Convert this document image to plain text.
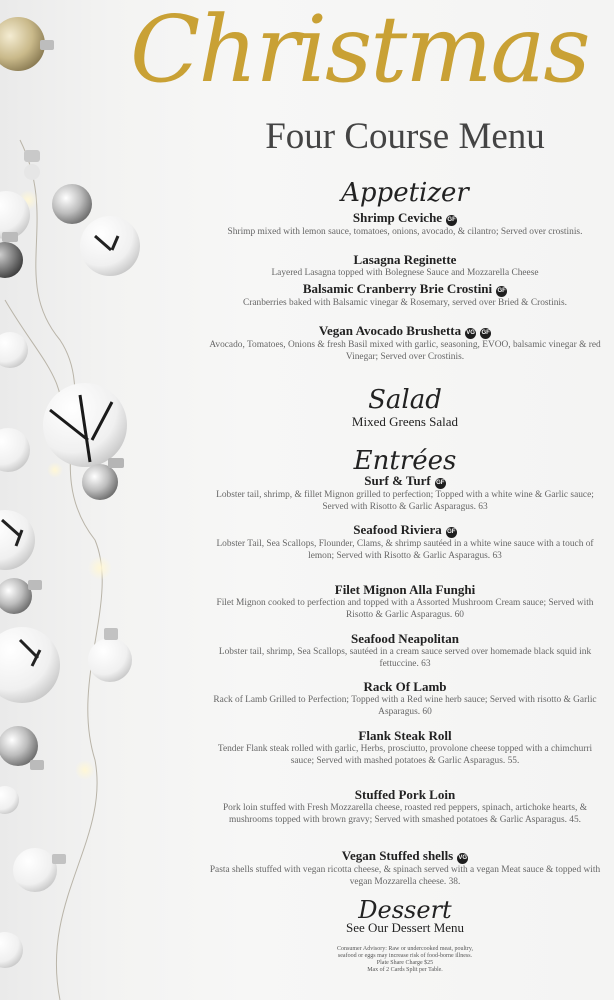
Christmas
Four Course Menu
Appetizer
Shrimp Ceviche GF
Shrimp mixed with lemon sauce, tomatoes, onions, avocado, & cilantro; Served over crostinis.
Lasagna Reginette
Layered Lasagna topped with Bolegnese Sauce and Mozzarella Cheese
Balsamic Cranberry Brie Crostini GF
Cranberries baked with Balsamic vinegar & Rosemary, served over Bried & Crostinis.
Vegan Avocado Brushetta VG GF
Avocado, Tomatoes, Onions & fresh Basil mixed with garlic, seasoning, EVOO, balsamic vinegar & red Vinegar; Served over Crostinis.
Salad
Mixed Greens Salad
Entrées
Surf & Turf GF
Lobster tail, shrimp, & fillet Mignon grilled to perfection; Topped with a white wine & Garlic sauce; Served with Risotto & Garlic Asparagus. 63
Seafood Riviera GF
Lobster Tail, Sea Scallops, Flounder, Clams, & shrimp sautéed in a white wine sauce with a touch of lemon; Served with Risotto & Garlic Asparagus. 63
Filet Mignon Alla Funghi
Filet Mignon cooked to perfection and topped with a Assorted Mushroom Cream sauce; Served with Risotto & Garlic Asparagus. 60
Seafood Neapolitan
Lobster tail, shrimp, Sea Scallops, sautéed in a cream sauce served over homemade black squid ink fettuccine. 63
Rack Of Lamb
Rack of Lamb Grilled to Perfection; Topped with a Red wine herb sauce; Served with risotto & Garlic Asparagus. 60
Flank Steak Roll
Tender Flank steak rolled with garlic, Herbs, prosciutto, provolone cheese topped with a chimchurri sauce; Served with mashed potatoes & Garlic Asparagus. 55.
Stuffed Pork Loin
Pork loin stuffed with Fresh Mozzarella cheese, roasted red peppers, spinach, artichoke hearts, & mushrooms topped with brown gravy; Served with smashed potatoes & Garlic Asparagus. 45.
Vegan Stuffed shells VG
Pasta shells stuffed with vegan ricotta cheese, & spinach served with a vegan Meat sauce & topped with vegan Mozzarella cheese. 38.
Dessert
See Our Dessert Menu
Consumer Advisory: Raw or undercooked meat, poultry,
seafood or eggs may increase risk of food-borne illness.
Plate Share Charge $25
Max of 2 Cards Split per Table.
